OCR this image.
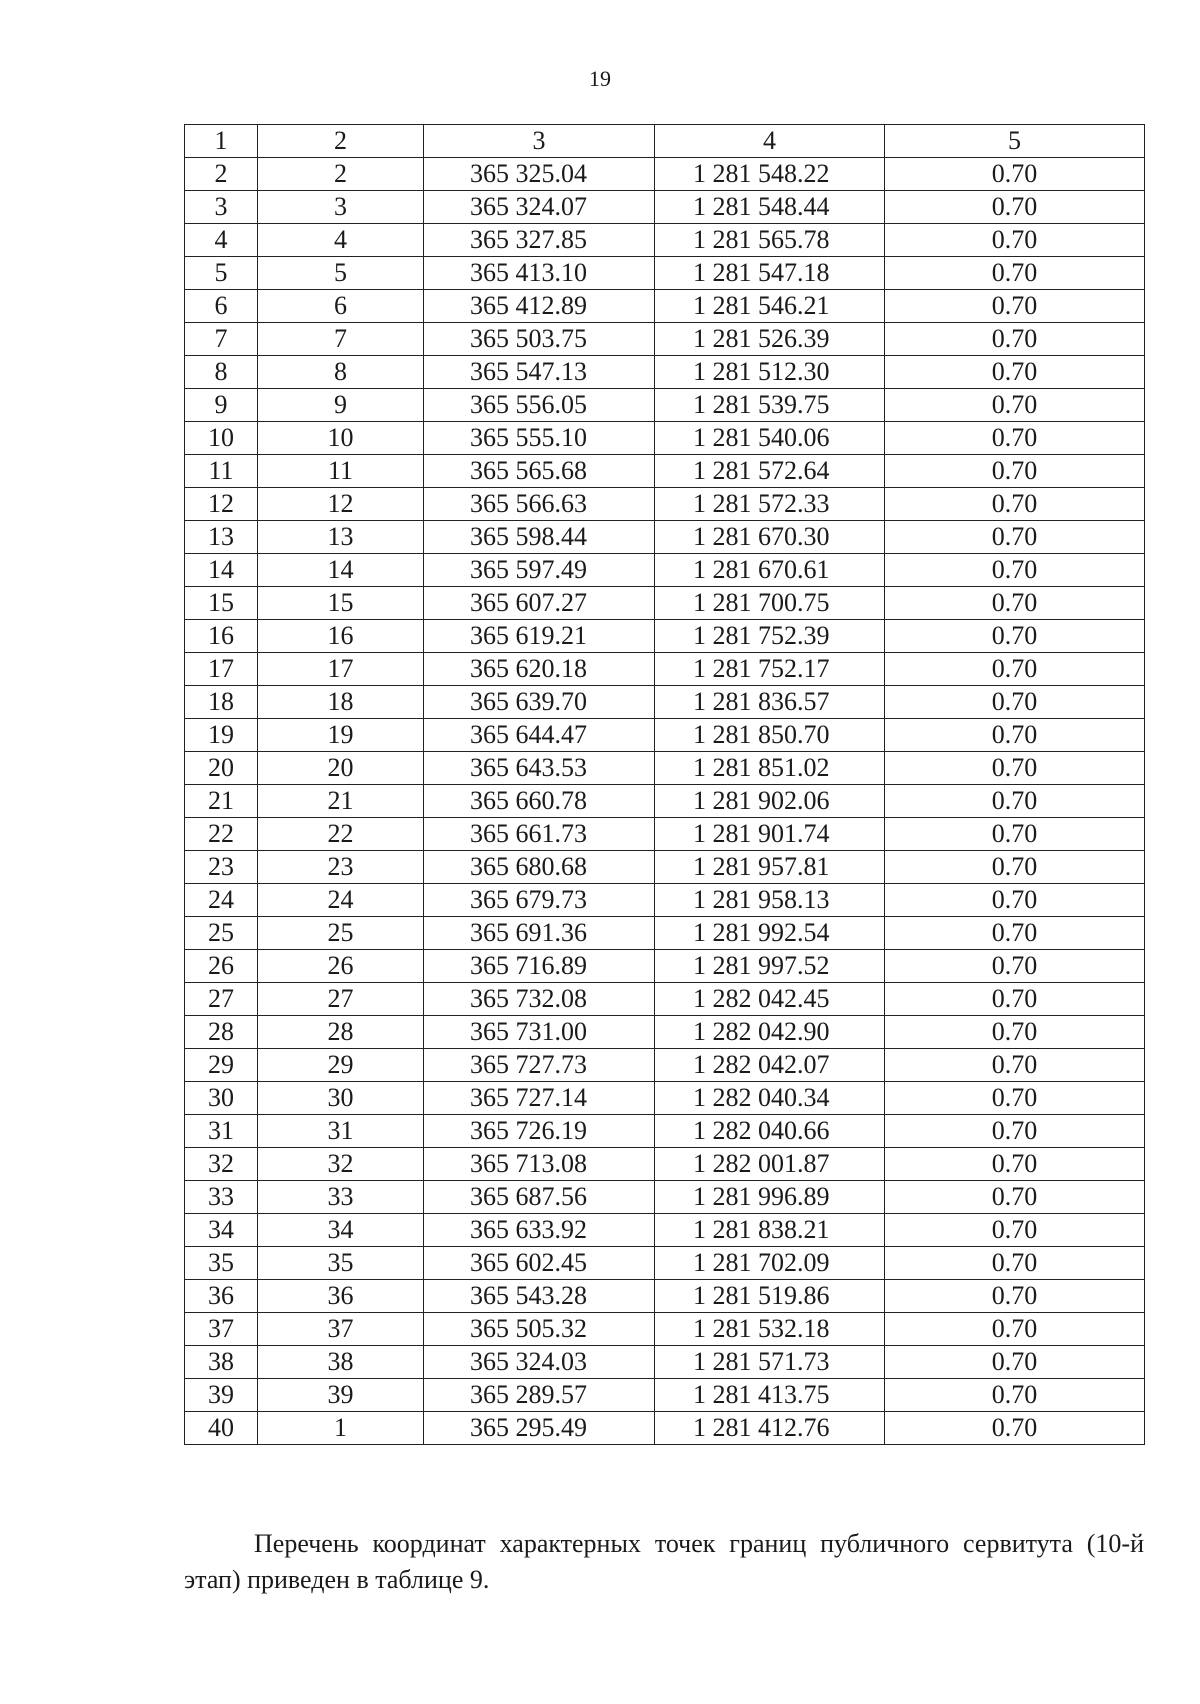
19
1	2	3	4	5
2	2	365 325.04	1 281 548.22	0.70
3	3	365 324.07	1 281 548.44	0.70
4	4	365 327.85	1 281 565.78	0.70
5	5	365 413.10	1 281 547.18	0.70
6	6	365 412.89	1 281 546.21	0.70
7	7	365 503.75	1 281 526.39	0.70
8	8	365 547.13	1 281 512.30	0.70
9	9	365 556.05	1 281 539.75	0.70
10	10	365 555.10	1 281 540.06	0.70
11	11	365 565.68	1 281 572.64	0.70
12	12	365 566.63	1 281 572.33	0.70
13	13	365 598.44	1 281 670.30	0.70
14	14	365 597.49	1 281 670.61	0.70
15	15	365 607.27	1 281 700.75	0.70
16	16	365 619.21	1 281 752.39	0.70
17	17	365 620.18	1 281 752.17	0.70
18	18	365 639.70	1 281 836.57	0.70
19	19	365 644.47	1 281 850.70	0.70
20	20	365 643.53	1 281 851.02	0.70
21	21	365 660.78	1 281 902.06	0.70
22	22	365 661.73	1 281 901.74	0.70
23	23	365 680.68	1 281 957.81	0.70
24	24	365 679.73	1 281 958.13	0.70
25	25	365 691.36	1 281 992.54	0.70
26	26	365 716.89	1 281 997.52	0.70
27	27	365 732.08	1 282 042.45	0.70
28	28	365 731.00	1 282 042.90	0.70
29	29	365 727.73	1 282 042.07	0.70
30	30	365 727.14	1 282 040.34	0.70
31	31	365 726.19	1 282 040.66	0.70
32	32	365 713.08	1 282 001.87	0.70
33	33	365 687.56	1 281 996.89	0.70
34	34	365 633.92	1 281 838.21	0.70
35	35	365 602.45	1 281 702.09	0.70
36	36	365 543.28	1 281 519.86	0.70
37	37	365 505.32	1 281 532.18	0.70
38	38	365 324.03	1 281 571.73	0.70
39	39	365 289.57	1 281 413.75	0.70
40	1	365 295.49	1 281 412.76	0.70

Перечень координат характерных точек границ публичного сервитута (10-й этап) приведен в таблице 9.
